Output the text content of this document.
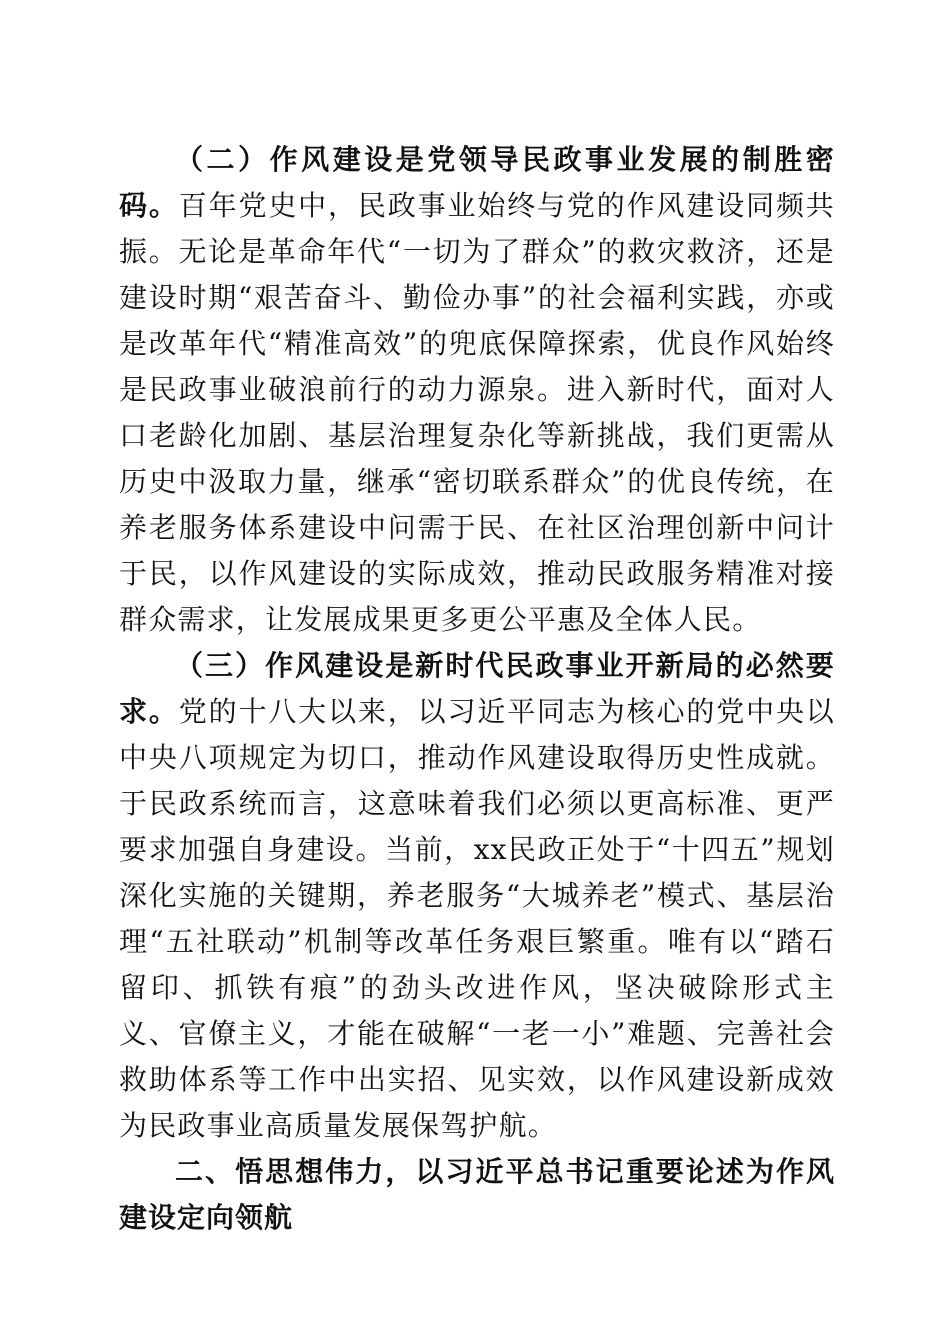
（二）作风建设是党领导民政事业发展的制胜密码。百年党史中，民政事业始终与党的作风建设同频共振。无论是革命年代“一切为了群众”的救灾救济，还是建设时期“艰苦奋斗、勤俭办事”的社会福利实践，亦或是改革年代“精准高效”的兜底保障探索，优良作风始终是民政事业破浪前行的动力源泉。进入新时代，面对人口老龄化加剧、基层治理复杂化等新挑战，我们更需从历史中汲取力量，继承“密切联系群众”的优良传统，在养老服务体系建设中问需于民、在社区治理创新中问计于民，以作风建设的实际成效，推动民政服务精准对接群众需求，让发展成果更多更公平惠及全体人民。

（三）作风建设是新时代民政事业开新局的必然要求。党的十八大以来，以习近平同志为核心的党中央以中央八项规定为切口，推动作风建设取得历史性成就。于民政系统而言，这意味着我们必须以更高标准、更严要求加强自身建设。当前，xx民政正处于“十四五”规划深化实施的关键期，养老服务“大城养老”模式、基层治理“五社联动”机制等改革任务艰巨繁重。唯有以“踏石留印、抓铁有痕”的劲头改进作风，坚决破除形式主义、官僚主义，才能在破解“一老一小”难题、完善社会救助体系等工作中出实招、见实效，以作风建设新成效为民政事业高质量发展保驾护航。

二、悟思想伟力，以习近平总书记重要论述为作风建设定向领航
